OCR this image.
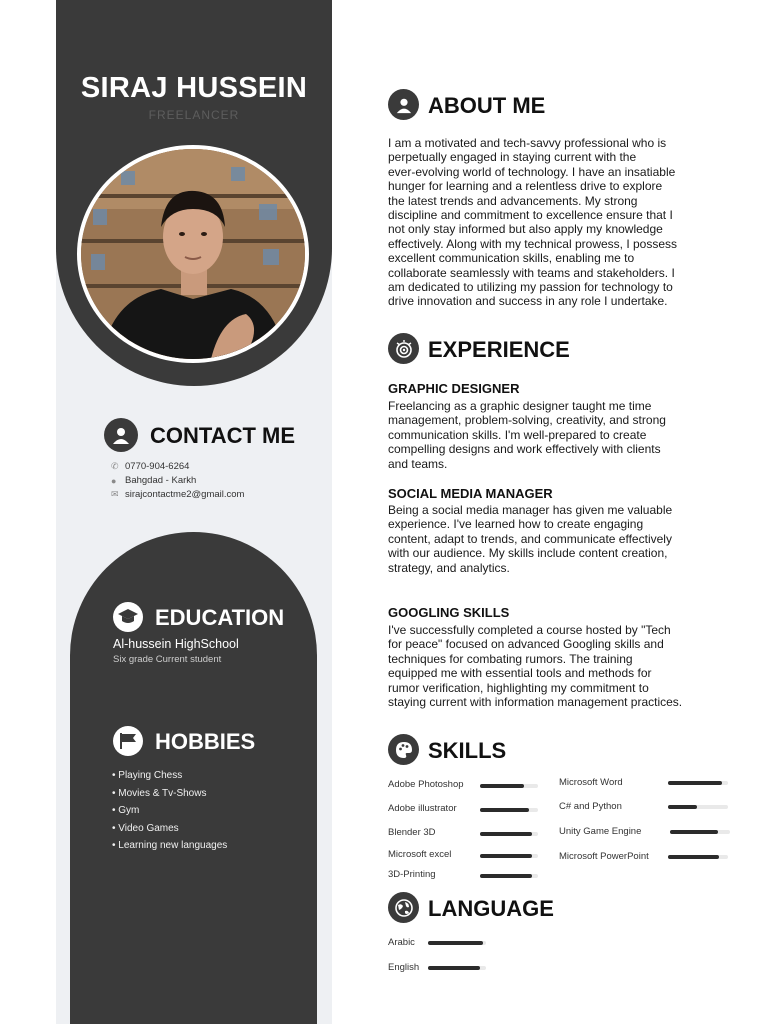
SIRAJ HUSSEIN
FREELANCER
CONTACT ME
✆ 0770-904-6264
● Bahgdad - Karkh
✉ sirajcontactme2@gmail.com
EDUCATION
Al-hussein HighSchool
Six grade Current student
HOBBIES
• Playing Chess
• Movies & Tv-Shows
• Gym
• Video Games
• Learning new languages
ABOUT ME

I am a motivated and tech-savvy professional who is
perpetually engaged in staying current with the
ever-evolving world of technology. I have an insatiable
hunger for learning and a relentless drive to explore
the latest trends and advancements. My strong
discipline and commitment to excellence ensure that I
not only stay informed but also apply my knowledge
effectively. Along with my technical prowess, I possess
excellent communication skills, enabling me to
collaborate seamlessly with teams and stakeholders. I
am dedicated to utilizing my passion for technology to
drive innovation and success in any role I undertake.

EXPERIENCE

GRAPHIC DESIGNER

Freelancing as a graphic designer taught me time
management, problem-solving, creativity, and strong
communication skills. I'm well-prepared to create
compelling designs and work effectively with clients
and teams.

SOCIAL MEDIA MANAGER

Being a social media manager has given me valuable
experience. I've learned how to create engaging
content, adapt to trends, and communicate effectively
with our audience. My skills include content creation,
strategy, and analytics.

GOOGLING SKILLS

I've successfully completed a course hosted by "Tech
for peace" focused on advanced Googling skills and
techniques for combating rumors. The training
equipped me with essential tools and methods for
rumor verification, highlighting my commitment to
staying current with information management practices.

SKILLS
Adobe Photoshop
Adobe illustrator
Blender 3D
Microsoft excel
3D-Printing
Microsoft Word
C# and Python
Unity Game Engine
Microsoft PowerPoint
LANGUAGE
Arabic
English
